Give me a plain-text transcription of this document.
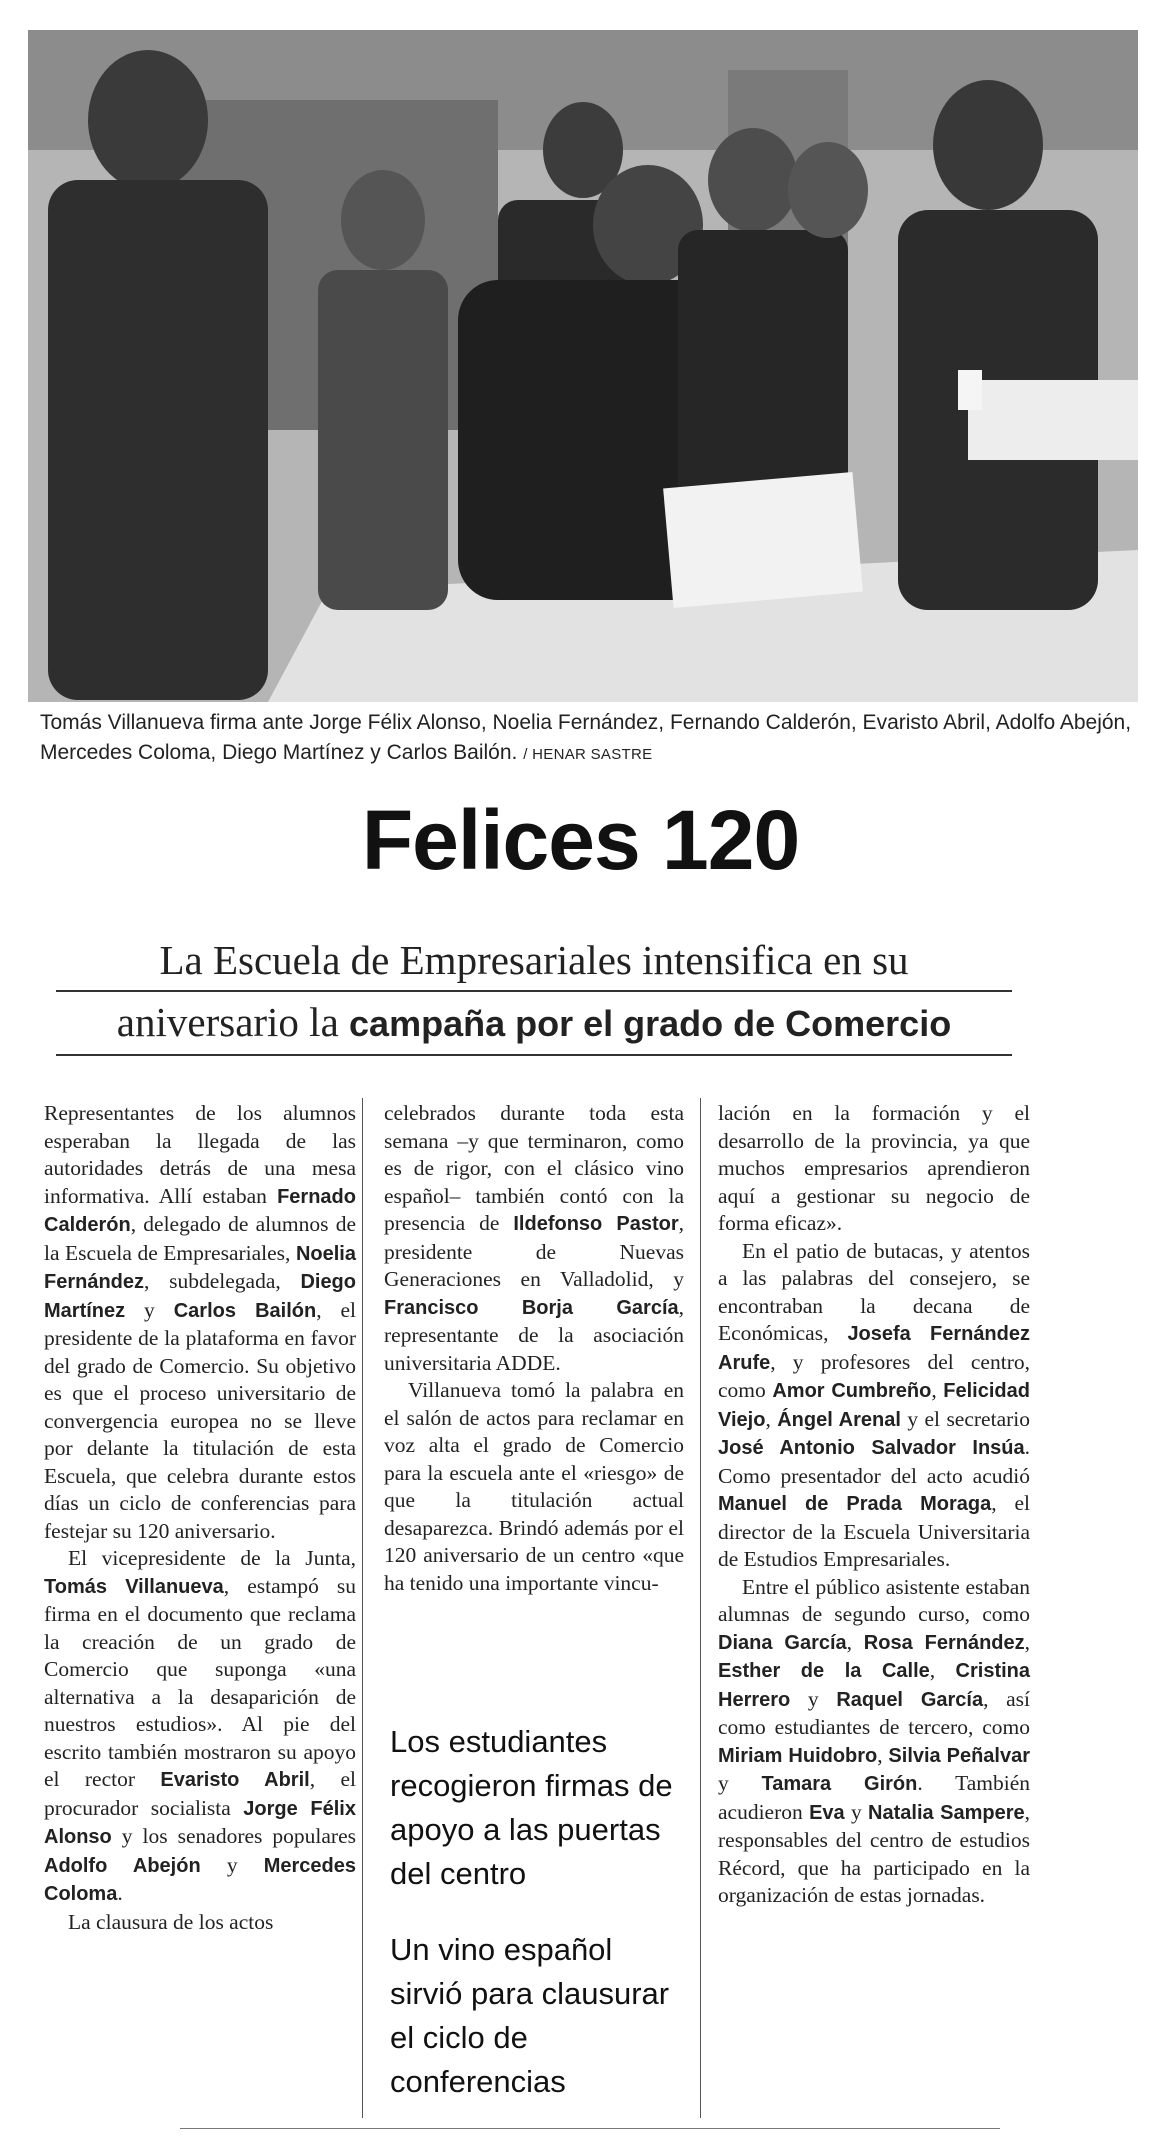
Tomás Villanueva firma ante Jorge Félix Alonso, Noelia Fernández, Fernando Calderón, Evaristo Abril, Adolfo Abejón, Mercedes Coloma, Diego Martínez y Carlos Bailón. / HENAR SASTRE
Felices 120
La Escuela de Empresariales intensifica en su
aniversario la campaña por el grado de Comercio

Representantes de los alumnos esperaban la llegada de las autoridades detrás de una mesa informativa. Allí estaban Fernado Calderón, delegado de alumnos de la Escuela de Empresariales, Noelia Fernández, subdelegada, Diego Martínez y Carlos Bailón, el presidente de la plataforma en favor del grado de Comercio. Su objetivo es que el proceso universitario de convergencia europea no se lleve por delante la titulación de esta Escuela, que celebra durante estos días un ciclo de conferencias para festejar su 120 aniversario.

El vicepresidente de la Junta, Tomás Villanueva, estampó su firma en el documento que reclama la creación de un grado de Comercio que suponga «una alternativa a la desaparición de nuestros estudios». Al pie del escrito también mostraron su apoyo el rector Evaristo Abril, el procurador socialista Jorge Félix Alonso y los senadores populares Adolfo Abejón y Mercedes Coloma.

La clausura de los actos

celebrados durante toda esta semana –y que terminaron, como es de rigor, con el clásico vino español– también contó con la presencia de Ildefonso Pastor, presidente de Nuevas Generaciones en Valladolid, y Francisco Borja García, representante de la asociación universitaria ADDE.

Villanueva tomó la palabra en el salón de actos para reclamar en voz alta el grado de Comercio para la escuela ante el «riesgo» de que la titulación actual desaparezca. Brindó además por el 120 aniversario de un centro «que ha tenido una importante vincu-

Los estudiantes recogieron firmas de apoyo a las puertas del centro
Un vino español sirvió para clausurar el ciclo de conferencias

lación en la formación y el desarrollo de la provincia, ya que muchos empresarios aprendieron aquí a gestionar su negocio de forma eficaz».

En el patio de butacas, y atentos a las palabras del consejero, se encontraban la decana de Económicas, Josefa Fernández Arufe, y profesores del centro, como Amor Cumbreño, Felicidad Viejo, Ángel Arenal y el secretario José Antonio Salvador Insúa. Como presentador del acto acudió Manuel de Prada Moraga, el director de la Escuela Universitaria de Estudios Empresariales.

Entre el público asistente estaban alumnas de segundo curso, como Diana García, Rosa Fernández, Esther de la Calle, Cristina Herrero y Raquel García, así como estudiantes de tercero, como Miriam Huidobro, Silvia Peñalvar y Tamara Girón. También acudieron Eva y Natalia Sampere, responsables del centro de estudios Récord, que ha participado en la organización de estas jornadas.
